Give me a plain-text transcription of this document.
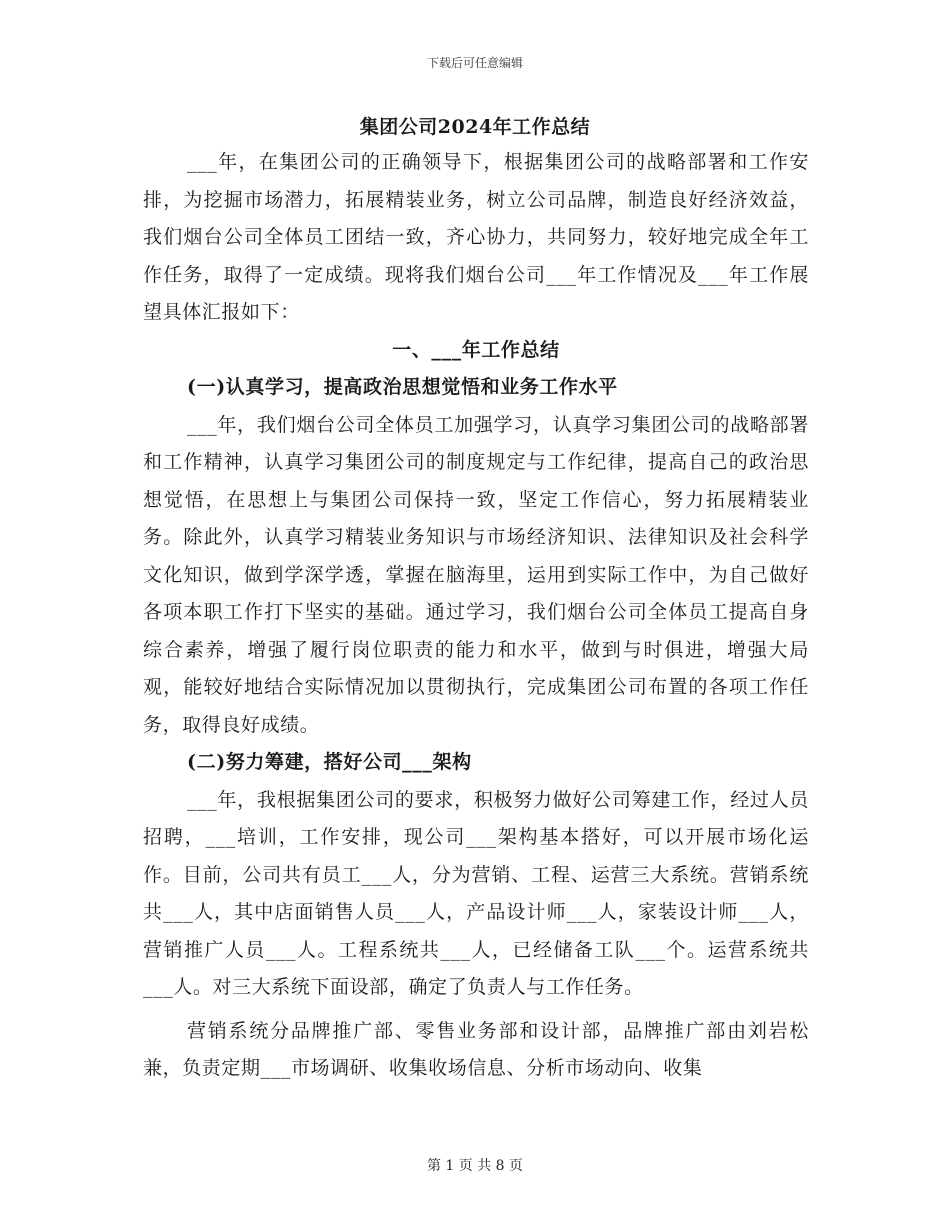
下载后可任意编辑
集团公司2024年工作总结

___年，在集团公司的正确领导下，根据集团公司的战略部署和工作安排，为挖掘市场潜力，拓展精装业务，树立公司品牌，制造良好经济效益，我们烟台公司全体员工团结一致，齐心协力，共同努力，较好地完成全年工作任务，取得了一定成绩。现将我们烟台公司___年工作情况及___年工作展望具体汇报如下：

一、___年工作总结

(一)认真学习，提高政治思想觉悟和业务工作水平

___年，我们烟台公司全体员工加强学习，认真学习集团公司的战略部署和工作精神，认真学习集团公司的制度规定与工作纪律，提高自己的政治思想觉悟，在思想上与集团公司保持一致，坚定工作信心，努力拓展精装业务。除此外，认真学习精装业务知识与市场经济知识、法律知识及社会科学文化知识，做到学深学透，掌握在脑海里，运用到实际工作中，为自己做好各项本职工作打下坚实的基础。通过学习，我们烟台公司全体员工提高自身综合素养，增强了履行岗位职责的能力和水平，做到与时俱进，增强大局观，能较好地结合实际情况加以贯彻执行，完成集团公司布置的各项工作任务，取得良好成绩。

(二)努力筹建，搭好公司___架构

___年，我根据集团公司的要求，积极努力做好公司筹建工作，经过人员招聘，___培训，工作安排，现公司___架构基本搭好，可以开展市场化运作。目前，公司共有员工___人，分为营销、工程、运营三大系统。营销系统共___人，其中店面销售人员___人，产品设计师___人，家装设计师___人，营销推广人员___人。工程系统共___人，已经储备工队___个。运营系统共___人。对三大系统下面设部，确定了负责人与工作任务。

营销系统分品牌推广部、零售业务部和设计部，品牌推广部由刘岩松兼，负责定期___市场调研、收集收场信息、分析市场动向、收集

第 1 页 共 8 页
